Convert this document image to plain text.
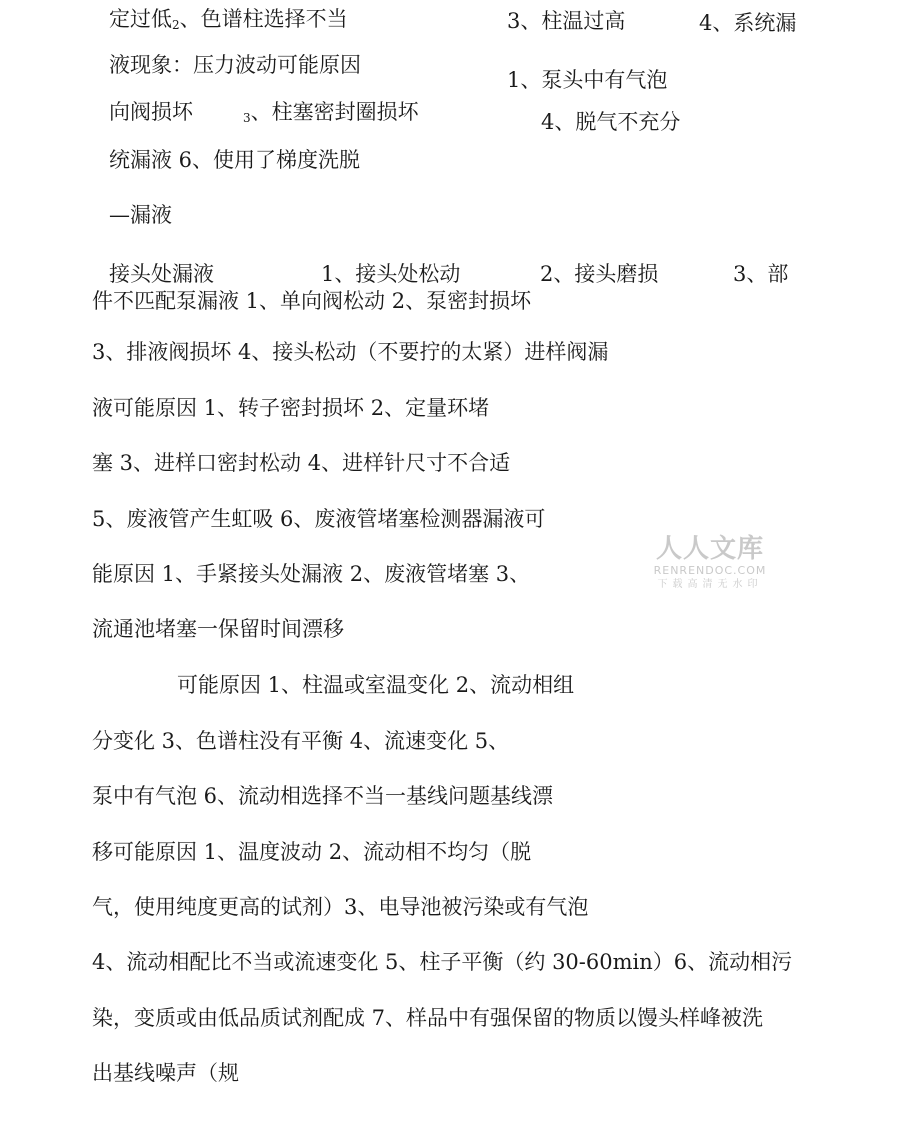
定过低$_2$、色谱柱选择不当	3、柱温过高	4、系统漏
液现象：压力波动可能原因
1、泵头中有气泡
向阀损坏	$_3$、柱塞密封圈损坏	4、脱气不充分
统漏液 6、使用了梯度洗脱
—漏液
接头处漏液	1、接头处松动	2、接头磨损	3、部
件不匹配泵漏液 1、单向阀松动 2、泵密封损坏
3、排液阀损坏 4、接头松动（不要拧的太紧）进样阀漏
液可能原因 1、转子密封损坏 2、定量环堵
塞 3、进样口密封松动 4、进样针尺寸不合适
5、废液管产生虹吸 6、废液管堵塞检测器漏液可
能原因 1、手紧接头处漏液 2、废液管堵塞 3、
流通池堵塞一保留时间漂移
可能原因 1、柱温或室温变化 2、流动相组
分变化 3、色谱柱没有平衡 4、流速变化 5、
泵中有气泡 6、流动相选择不当一基线问题基线漂
移可能原因 1、温度波动 2、流动相不均匀（脱
气，使用纯度更高的试剂）3、电导池被污染或有气泡
4、流动相配比不当或流速变化 5、柱子平衡（约 30-60min）6、流动相污
染，变质或由低品质试剂配成 7、样品中有强保留的物质以馒头样峰被洗
出基线噪声（规
人人文库
RENRENDOC.COM
下载高清无水印
